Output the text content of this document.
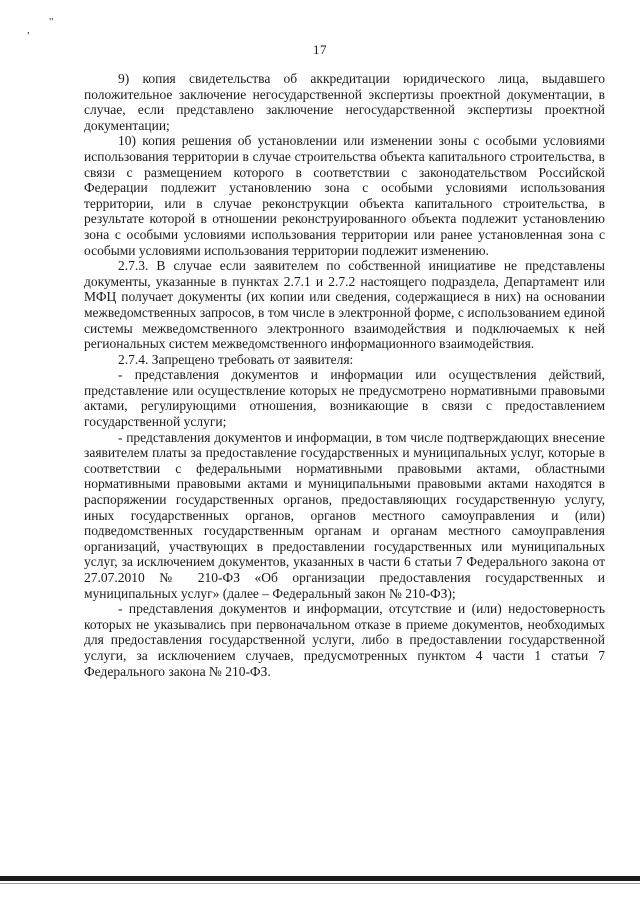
,
"
17

9) копия свидетельства об аккредитации юридического лица, выдавшего положительное заключение негосударственной экспертизы проектной документации, в случае, если представлено заключение негосударственной экспертизы проектной документации;

10) копия решения об установлении или изменении зоны с особыми условиями использования территории в случае строительства объекта капитального строительства, в связи с размещением которого в соответствии с законодательством Российской Федерации подлежит установлению зона с особыми условиями использования территории, или в случае реконструкции объекта капитального строительства, в результате которой в отношении реконструированного объекта подлежит установлению зона с особыми условиями использования территории или ранее установленная зона с особыми условиями использования территории подлежит изменению.

2.7.3. В случае если заявителем по собственной инициативе не представлены документы, указанные в пунктах 2.7.1 и 2.7.2 настоящего подраздела, Департамент или МФЦ получает документы (их копии или сведения, содержащиеся в них) на основании межведомственных запросов, в том числе в электронной форме, с использованием единой системы межведомственного электронного взаимодействия и подключаемых к ней региональных систем межведомственного информационного взаимодействия.

2.7.4. Запрещено требовать от заявителя:

- представления документов и информации или осуществления действий, представление или осуществление которых не предусмотрено нормативными правовыми актами, регулирующими отношения, возникающие в связи с предоставлением государственной услуги;

- представления документов и информации, в том числе подтверждающих внесение заявителем платы за предоставление государственных и муниципальных услуг, которые в соответствии с федеральными нормативными правовыми актами, областными нормативными правовыми актами и муниципальными правовыми актами находятся в распоряжении государственных органов, предоставляющих государственную услугу, иных государственных органов, органов местного самоуправления и (или) подведомственных государственным органам и органам местного самоуправления организаций, участвующих в предоставлении государственных или муниципальных услуг, за исключением документов, указанных в части 6 статьи 7 Федерального закона от 27.07.2010 № 210-ФЗ «Об организации предоставления государственных и муниципальных услуг» (далее – Федеральный закон № 210-ФЗ);

- представления документов и информации, отсутствие и (или) недостоверность которых не указывались при первоначальном отказе в приеме документов, необходимых для предоставления государственной услуги, либо в предоставлении государственной услуги, за исключением случаев, предусмотренных пунктом 4 части 1 статьи 7 Федерального закона № 210-ФЗ.
